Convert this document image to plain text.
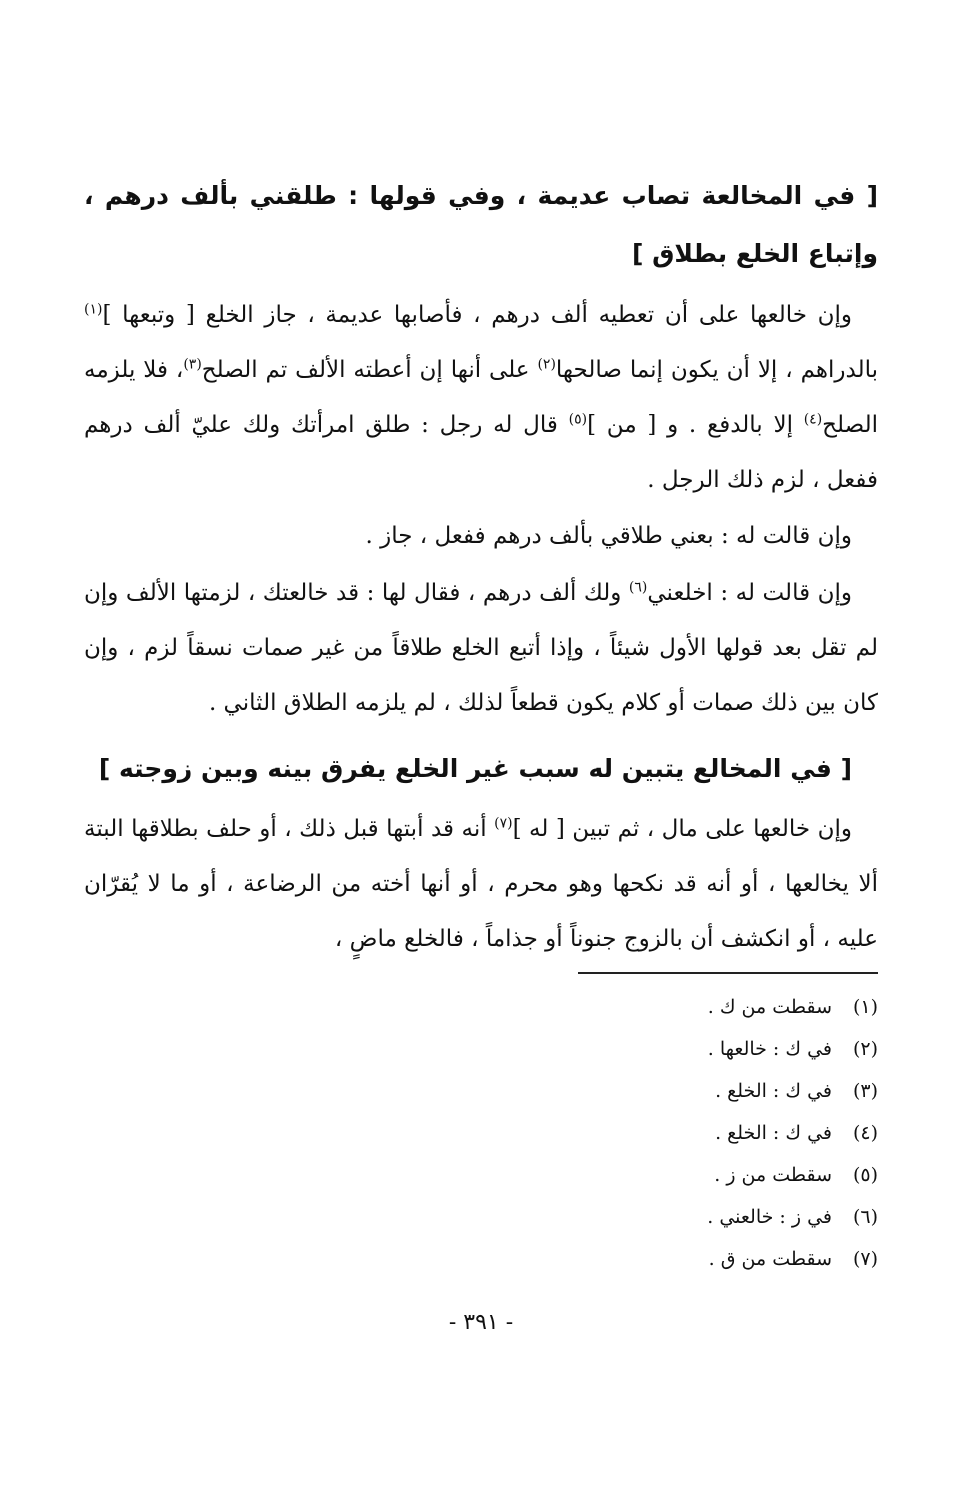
[ في المخالعة تصاب عديمة ، وفي قولها : طلقني بألف درهم ، وإتباع الخلع بطلاق ]
وإن خالعها على أن تعطيه ألف درهم ، فأصابها عديمة ، جاز الخلع [ وتبعها ]$^{(١)}$ بالدراهم ، إلا أن يكون إنما صالحها$^{(٢)}$ على أنها إن أعطته الألف تم الصلح$^{(٣)}$، فلا يلزمه الصلح$^{(٤)}$ إلا بالدفع . و [ من ]$^{(٥)}$ قال له رجل : طلق امرأتك ولك عليّ ألف درهم ففعل ، لزم ذلك الرجل .
وإن قالت له : بعني طلاقي بألف درهم ففعل ، جاز .
وإن قالت له : اخلعني$^{(٦)}$ ولك ألف درهم ، فقال لها : قد خالعتك ، لزمتها الألف وإن لم تقل بعد قولها الأول شيئاً ، وإذا أتبع الخلع طلاقاً من غير صمات نسقاً لزم ، وإن كان بين ذلك صمات أو كلام يكون قطعاً لذلك ، لم يلزمه الطلاق الثاني .
[ في المخالع يتبين له سبب غير الخلع يفرق بينه وبين زوجته ]
وإن خالعها على مال ، ثم تبين [ له ]$^{(٧)}$ أنه قد أبتها قبل ذلك ، أو حلف بطلاقها البتة ألا يخالعها ، أو أنه قد نكحها وهو محرم ، أو أنها أخته من الرضاعة ، أو ما لا يُقرّان عليه ، أو انكشف أن بالزوج جنوناً أو جذاماً ، فالخلع ماضٍ ،
(١)سقطت من ك .
(٢)في ك : خالعها .
(٣)في ك : الخلع .
(٤)في ك : الخلع .
(٥)سقطت من ز .
(٦)في ز : خالعني .
(٧)سقطت من ق .
- ٣٩١ -
